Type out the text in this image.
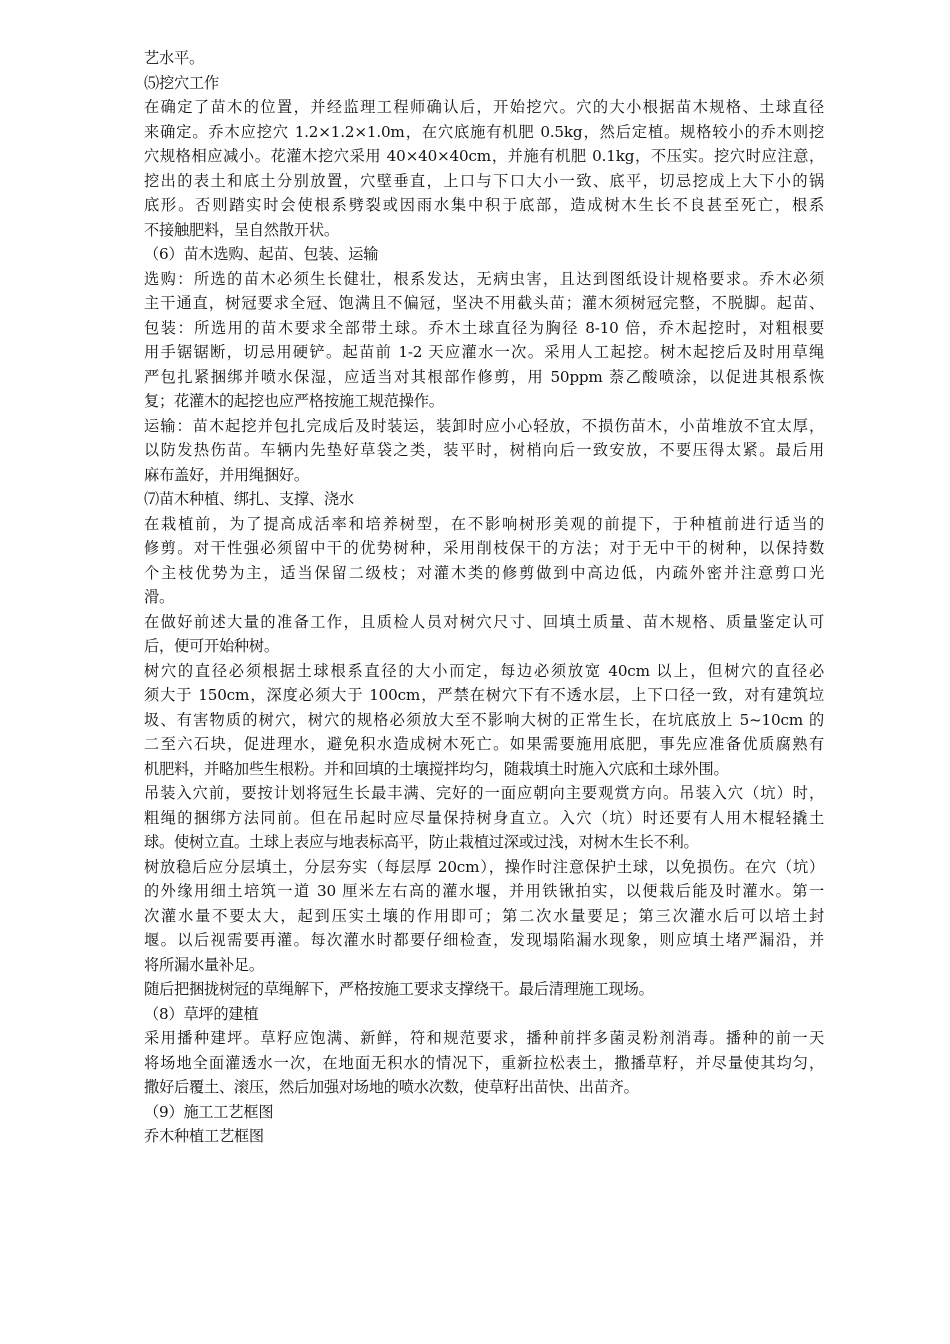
艺水平。
⑸挖穴工作
在确定了苗木的位置，并经监理工程师确认后，开始挖穴。穴的大小根据苗木规格、土球直径
来确定。乔木应挖穴 1.2×1.2×1.0m，在穴底施有机肥 0.5kg，然后定植。规格较小的乔木则挖
穴规格相应减小。花灌木挖穴采用 40×40×40cm，并施有机肥 0.1kg，不压实。挖穴时应注意，
挖出的表土和底土分别放置，穴壁垂直，上口与下口大小一致、底平，切忌挖成上大下小的锅
底形。否则踏实时会使根系劈裂或因雨水集中积于底部，造成树木生长不良甚至死亡，根系
不接触肥料，呈自然散开状。
（6）苗木选购、起苗、包装、运输
选购：所选的苗木必须生长健壮，根系发达，无病虫害，且达到图纸设计规格要求。乔木必须
主干通直，树冠要求全冠、饱满且不偏冠，坚决不用截头苗；灌木须树冠完整，不脱脚。起苗、
包装：所选用的苗木要求全部带土球。乔木土球直径为胸径 8-10 倍，乔木起挖时，对粗根要
用手锯锯断，切忌用硬铲。起苗前 1-2 天应灌水一次。采用人工起挖。树木起挖后及时用草绳
严包扎紧捆绑并喷水保湿，应适当对其根部作修剪，用 50ppm 萘乙酸喷涂，以促进其根系恢
复；花灌木的起挖也应严格按施工规范操作。
运输：苗木起挖并包扎完成后及时装运，装卸时应小心轻放，不损伤苗木，小苗堆放不宜太厚，
以防发热伤苗。车辆内先垫好草袋之类，装平时，树梢向后一致安放，不要压得太紧。最后用
麻布盖好，并用绳捆好。
⑺苗木种植、绑扎、支撑、浇水
在栽植前，为了提高成活率和培养树型，在不影响树形美观的前提下，于种植前进行适当的
修剪。对干性强必须留中干的优势树种，采用削枝保干的方法；对于无中干的树种，以保持数
个主枝优势为主，适当保留二级枝；对灌木类的修剪做到中高边低，内疏外密并注意剪口光
滑。
在做好前述大量的准备工作，且质检人员对树穴尺寸、回填土质量、苗木规格、质量鉴定认可
后，便可开始种树。
树穴的直径必须根据土球根系直径的大小而定，每边必须放宽 40cm 以上，但树穴的直径必
须大于 150cm，深度必须大于 100cm，严禁在树穴下有不透水层，上下口径一致，对有建筑垃
圾、有害物质的树穴，树穴的规格必须放大至不影响大树的正常生长，在坑底放上 5~10cm 的
二至六石块，促进理水，避免积水造成树木死亡。如果需要施用底肥，事先应准备优质腐熟有
机肥料，并略加些生根粉。并和回填的土壤搅拌均匀，随栽填土时施入穴底和土球外围。
吊装入穴前，要按计划将冠生长最丰满、完好的一面应朝向主要观赏方向。吊装入穴（坑）时，
粗绳的捆绑方法同前。但在吊起时应尽量保持树身直立。入穴（坑）时还要有人用木棍轻撬土
球。使树立直。土球上表应与地表标高平，防止栽植过深或过浅，对树木生长不利。
树放稳后应分层填土，分层夯实（每层厚 20cm），操作时注意保护土球，以免损伤。在穴（坑）
的外缘用细土培筑一道 30 厘米左右高的灌水堰，并用铁锹拍实，以便栽后能及时灌水。第一
次灌水量不要太大，起到压实土壤的作用即可；第二次水量要足；第三次灌水后可以培土封
堰。以后视需要再灌。每次灌水时都要仔细检查，发现塌陷漏水现象，则应填土堵严漏沿，并
将所漏水量补足。
随后把捆拢树冠的草绳解下，严格按施工要求支撑绕干。最后清理施工现场。
（8）草坪的建植
采用播种建坪。草籽应饱满、新鲜，符和规范要求，播种前拌多菌灵粉剂消毒。播种的前一天
将场地全面灌透水一次，在地面无积水的情况下，重新拉松表土，撒播草籽，并尽量使其均匀，
撒好后覆土、滚压，然后加强对场地的喷水次数，使草籽出苗快、出苗齐。
（9）施工工艺框图
乔木种植工艺框图
